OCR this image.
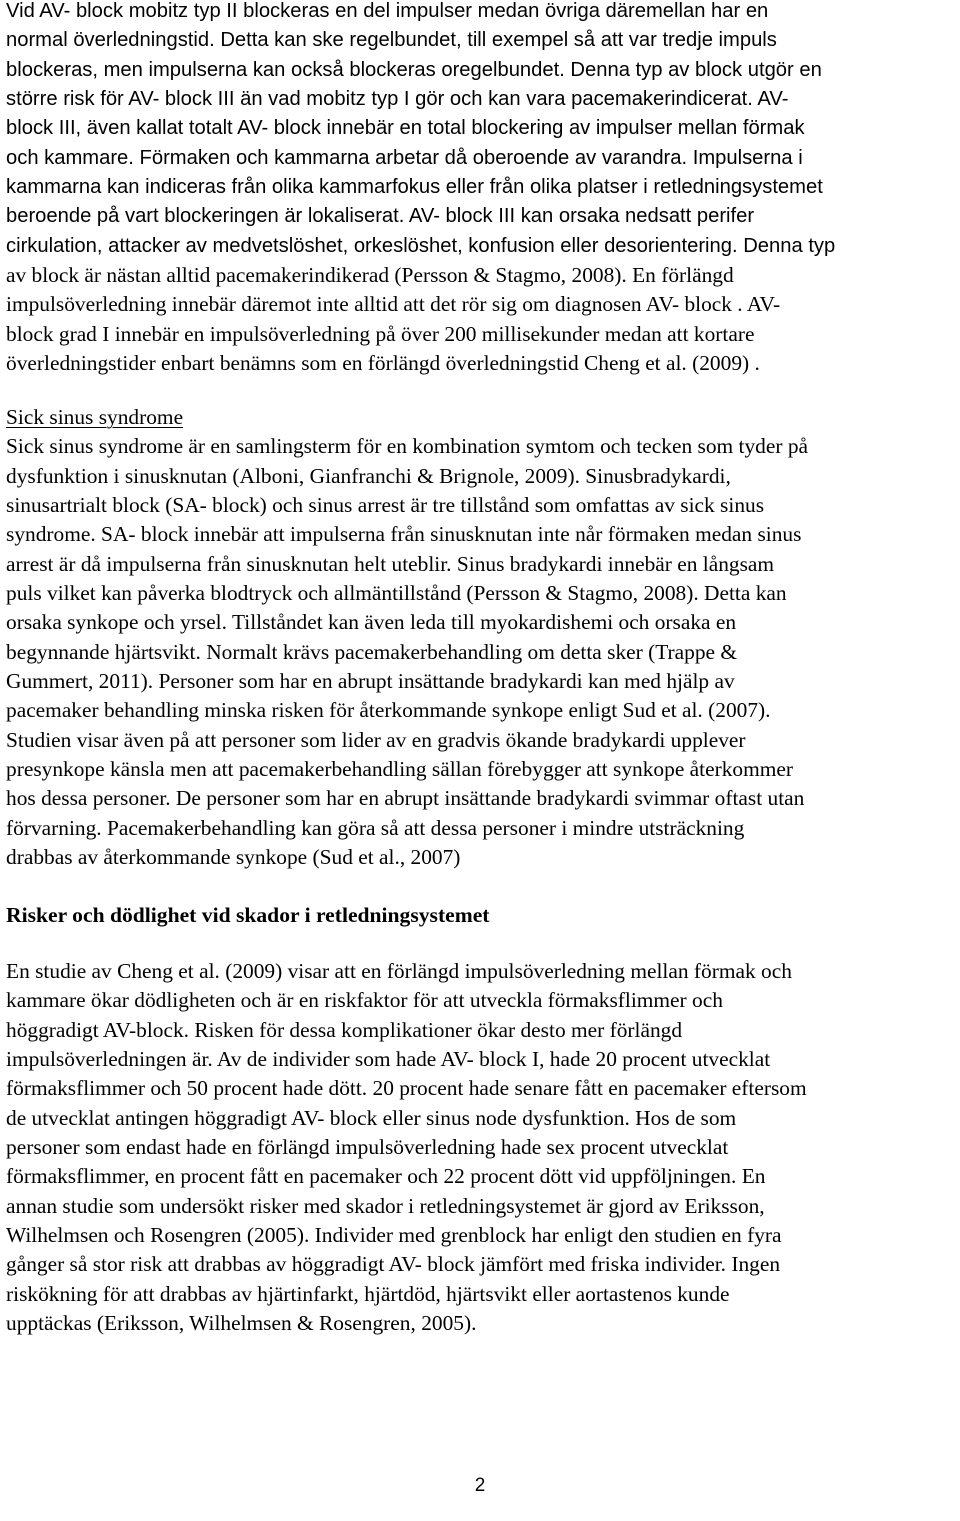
Vid AV- block mobitz typ II blockeras en del impulser medan övriga däremellan har en
normal överledningstid. Detta kan ske regelbundet, till exempel så att var tredje impuls
blockeras, men impulserna kan också blockeras oregelbundet. Denna typ av block utgör en
större risk för AV- block III än vad mobitz typ I gör och kan vara pacemakerindicerat. AV-
block III, även kallat totalt AV- block innebär en total blockering av impulser mellan förmak
och kammare. Förmaken och kammarna arbetar då oberoende av varandra. Impulserna i
kammarna kan indiceras från olika kammarfokus eller från olika platser i retledningsystemet
beroende på vart blockeringen är lokaliserat. AV- block III kan orsaka nedsatt perifer
cirkulation, attacker av medvetslöshet, orkeslöshet, konfusion eller desorientering. Denna typ
av block är nästan alltid pacemakerindikerad (Persson & Stagmo, 2008). En förlängd
impulsöverledning innebär däremot inte alltid att det rör sig om diagnosen AV- block . AV-
block grad I innebär en impulsöverledning på över 200 millisekunder medan att kortare
överledningstider enbart benämns som en förlängd överledningstid Cheng et al. (2009) .
Sick sinus syndrome
Sick sinus syndrome är en samlingsterm för en kombination symtom och tecken som tyder på
dysfunktion i sinusknutan (Alboni, Gianfranchi & Brignole, 2009). Sinusbradykardi,
sinusartrialt block (SA- block) och sinus arrest är tre tillstånd som omfattas av sick sinus
syndrome. SA- block innebär att impulserna från sinusknutan inte når förmaken medan sinus
arrest är då impulserna från sinusknutan helt uteblir. Sinus bradykardi innebär en långsam
puls vilket kan påverka blodtryck och allmäntillstånd (Persson & Stagmo, 2008). Detta kan
orsaka synkope och yrsel. Tillståndet kan även leda till myokardishemi och orsaka en
begynnande hjärtsvikt. Normalt krävs pacemakerbehandling om detta sker (Trappe &
Gummert, 2011). Personer som har en abrupt insättande bradykardi kan med hjälp av
pacemaker behandling minska risken för återkommande synkope enligt Sud et al. (2007).
Studien visar även på att personer som lider av en gradvis ökande bradykardi upplever
presynkope känsla men att pacemakerbehandling sällan förebygger att synkope återkommer
hos dessa personer. De personer som har en abrupt insättande bradykardi svimmar oftast utan
förvarning. Pacemakerbehandling kan göra så att dessa personer i mindre utsträckning
drabbas av återkommande synkope (Sud et al., 2007)
Risker och dödlighet vid skador i retledningsystemet
En studie av Cheng et al. (2009) visar att en förlängd impulsöverledning mellan förmak och
kammare ökar dödligheten och är en riskfaktor för att utveckla förmaksflimmer och
höggradigt AV-block. Risken för dessa komplikationer ökar desto mer förlängd
impulsöverledningen är. Av de individer som hade AV- block I, hade 20 procent utvecklat
förmaksflimmer och 50 procent hade dött. 20 procent hade senare fått en pacemaker eftersom
de utvecklat antingen höggradigt AV- block eller sinus node dysfunktion. Hos de som
personer som endast hade en förlängd impulsöverledning hade sex procent utvecklat
förmaksflimmer, en procent fått en pacemaker och 22 procent dött vid uppföljningen. En
annan studie som undersökt risker med skador i retledningsystemet är gjord av Eriksson,
Wilhelmsen och Rosengren (2005). Individer med grenblock har enligt den studien en fyra
gånger så stor risk att drabbas av höggradigt AV- block jämfört med friska individer. Ingen
riskökning för att drabbas av hjärtinfarkt, hjärtdöd, hjärtsvikt eller aortastenos kunde
upptäckas (Eriksson, Wilhelmsen & Rosengren, 2005).
2
